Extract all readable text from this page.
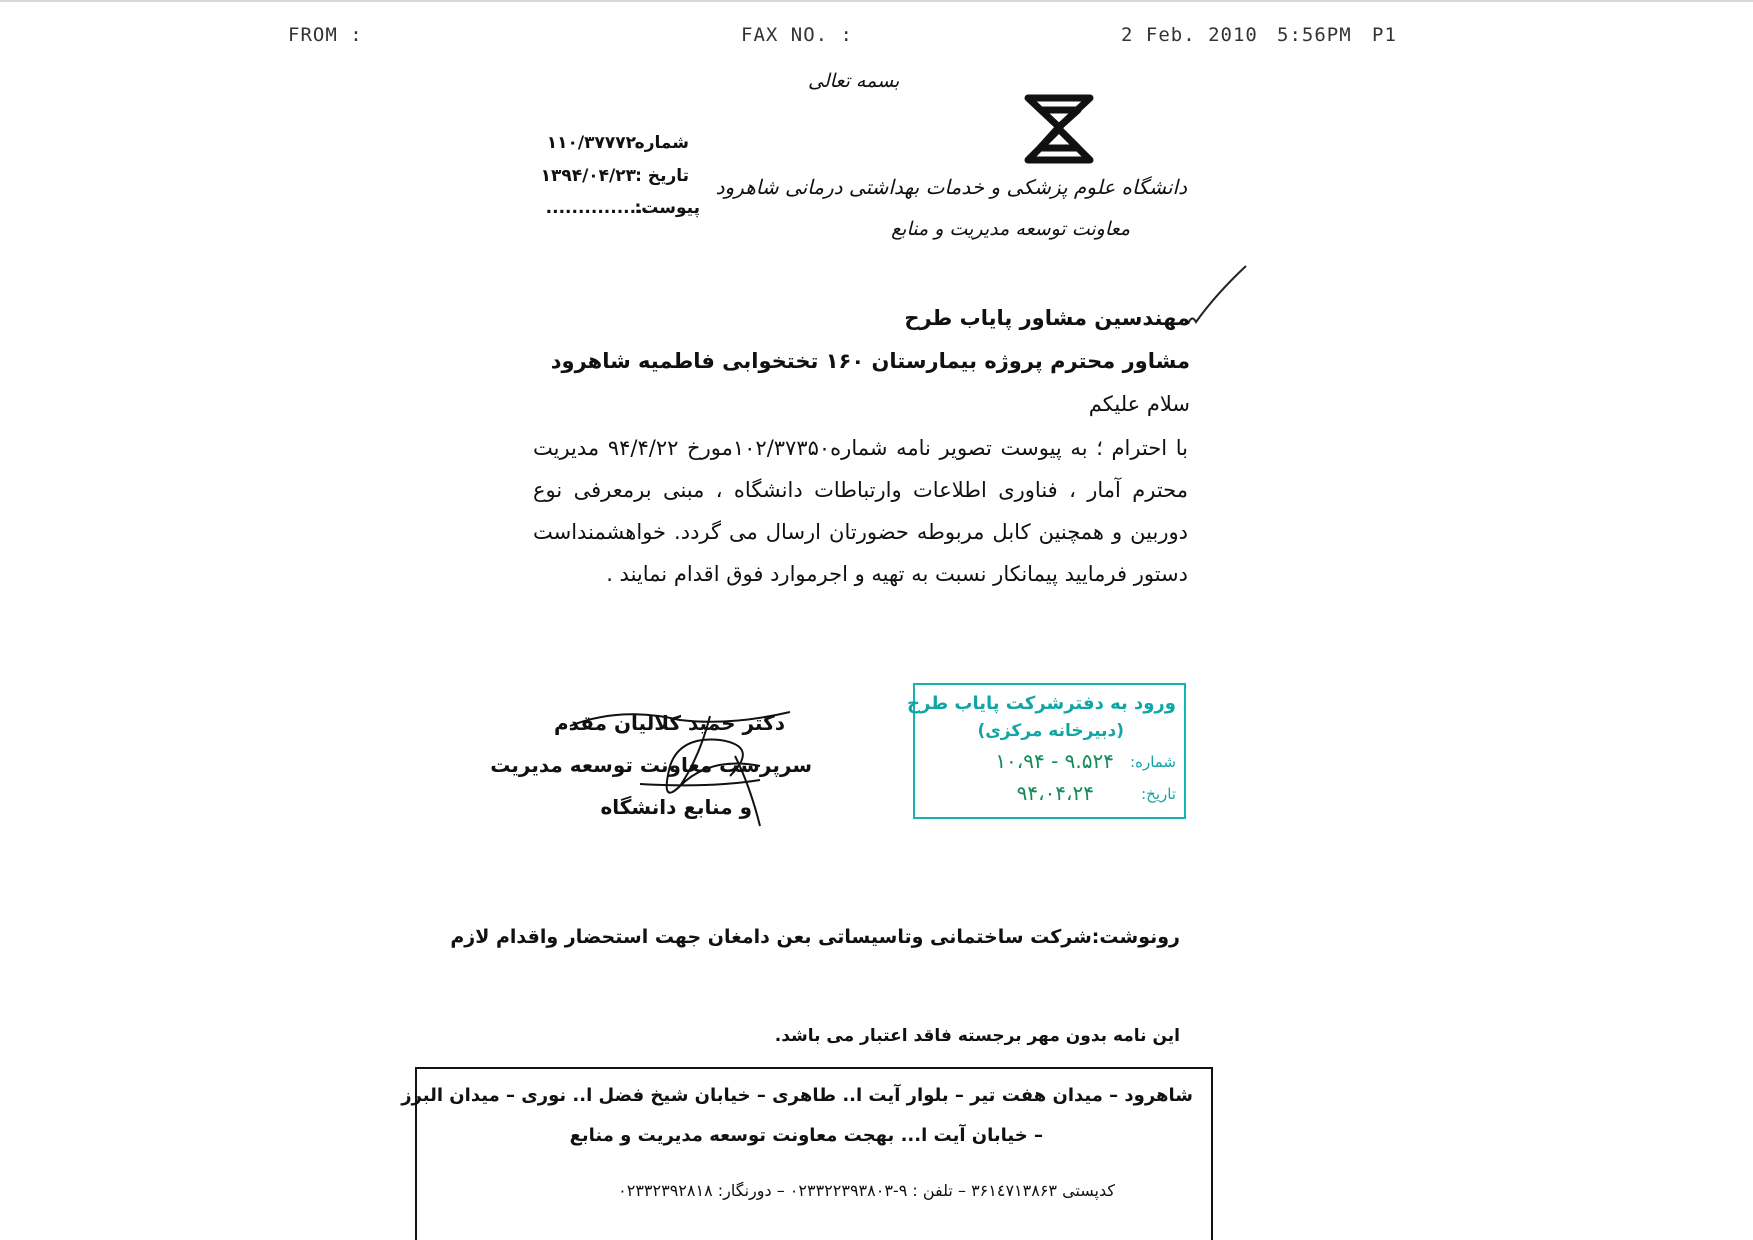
FROM :	FAX NO. :	2 Feb. 2010 5:56PM P1
بسمه تعالی
دانشگاه علوم پزشکی و خدمات بهداشتی درمانی شاهرود
معاونت توسعه مدیریت و منابع
شماره
۱۱۰/۳۷۷۷۲
تاریخ :
۱۳۹۴/۰۴/۲۳
پیوست:
................
مهندسین مشاور پایاب طرح
مشاور محترم پروژه بیمارستان ۱۶۰ تختخوابی فاطمیه شاهرود
سلام علیکم
با احترام ؛ به پیوست تصویر نامه شماره۱۰۲/۳۷۳۵۰مورخ ۹۴/۴/۲۲ مدیریت محترم آمار ، فناوری اطلاعات وارتباطات دانشگاه ، مبنی برمعرفی نوع دوربین و همچنین کابل مربوطه حضورتان ارسال می گردد. خواهشمنداست دستور فرمایید پیمانکار نسبت به تهیه و اجرموارد فوق اقدام نمایند .
دکتر حمید کلالیان مقدم
سرپرست معاونت توسعه مدیریت
و منابع دانشگاه
ورود به دفترشرکت پایاب طرح
(دبیرخانه مرکزی)
شماره:
۱۰،۹۴ - ۹.۵۲۴
تاریخ:
۹۴،۰۴،۲۴
رونوشت:شرکت ساختمانی وتاسیساتی بعن دامغان جهت استحضار واقدام لازم
این نامه بدون مهر برجسته فاقد اعتبار می باشد.
شاهرود – میدان هفت تیر – بلوار آیت ا.. طاهری – خیابان شیخ فضل ا.. نوری – میدان البرز
– خیابان آیت ا... بهجت معاونت توسعه مدیریت و منابع
کدپستی ۳۶۱٤۷۱۳۸۶۳ – تلفن : ۹-۰۲۳۳۲۲۳۹۳۸۰۳ – دورنگار: ۰۲۳۳۲۳۹۲۸۱۸
